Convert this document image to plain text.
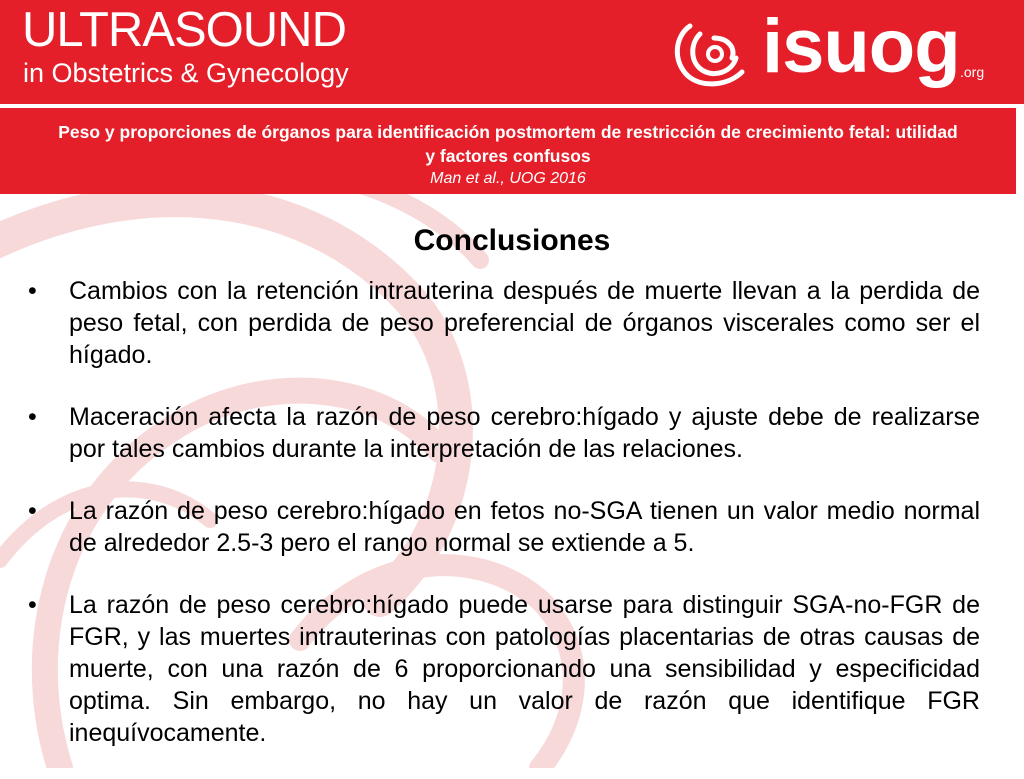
ULTRASOUND

in Obstetrics & Gynecology	isuog .org

Peso y proporciones de órganos para identificación postmortem de restricción de crecimiento fetal: utilidad y factores confusos

Man et al., UOG 2016

Conclusiones
• Cambios con la retención intrauterina después de muerte llevan a la perdida de peso fetal, con perdida de peso preferencial de órganos viscerales como ser el hígado.
• Maceración afecta la razón de peso cerebro:hígado y ajuste debe de realizarse por tales cambios durante la interpretación de las relaciones.
• La razón de peso cerebro:hígado en fetos no-SGA tienen un valor medio normal de alrededor 2.5-3 pero el rango normal se extiende a 5.
• La razón de peso cerebro:hígado puede usarse para distinguir SGA-no-FGR de FGR, y las muertes intrauterinas con patologías placentarias de otras causas de muerte, con una razón de 6 proporcionando una sensibilidad y especificidad optima. Sin embargo, no hay un valor de razón que identifique FGR inequívocamente.
